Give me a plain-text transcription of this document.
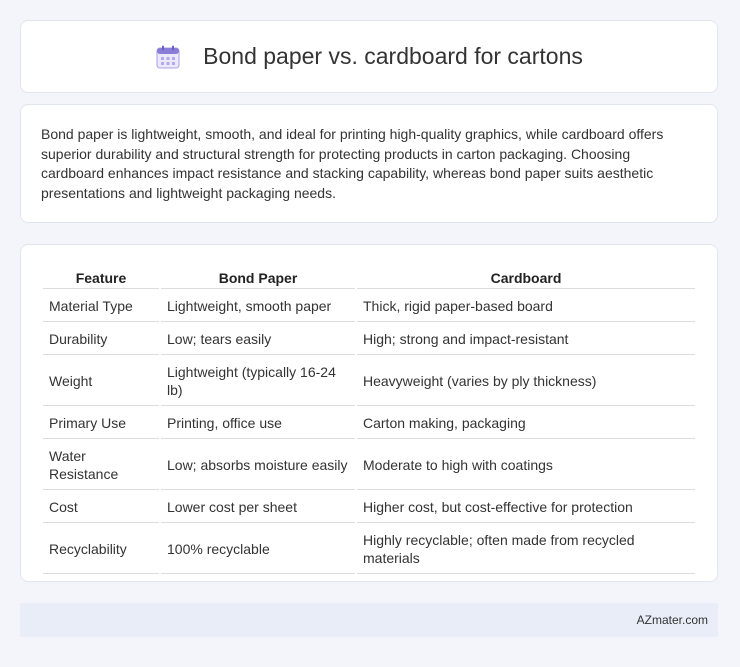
Bond paper vs. cardboard for cartons

Bond paper is lightweight, smooth, and ideal for printing high-quality graphics, while cardboard offers superior durability and structural strength for protecting products in carton packaging. Choosing cardboard enhances impact resistance and stacking capability, whereas bond paper suits aesthetic presentations and lightweight packaging needs.

Feature	Bond Paper	Cardboard
Material Type	Lightweight, smooth paper	Thick, rigid paper-based board
Durability	Low; tears easily	High; strong and impact-resistant
Weight	Lightweight (typically 16-24 lb)	Heavyweight (varies by ply thickness)
Primary Use	Printing, office use	Carton making, packaging
Water Resistance	Low; absorbs moisture easily	Moderate to high with coatings
Cost	Lower cost per sheet	Higher cost, but cost-effective for protection
Recyclability	100% recyclable	Highly recyclable; often made from recycled materials
AZmater.com
